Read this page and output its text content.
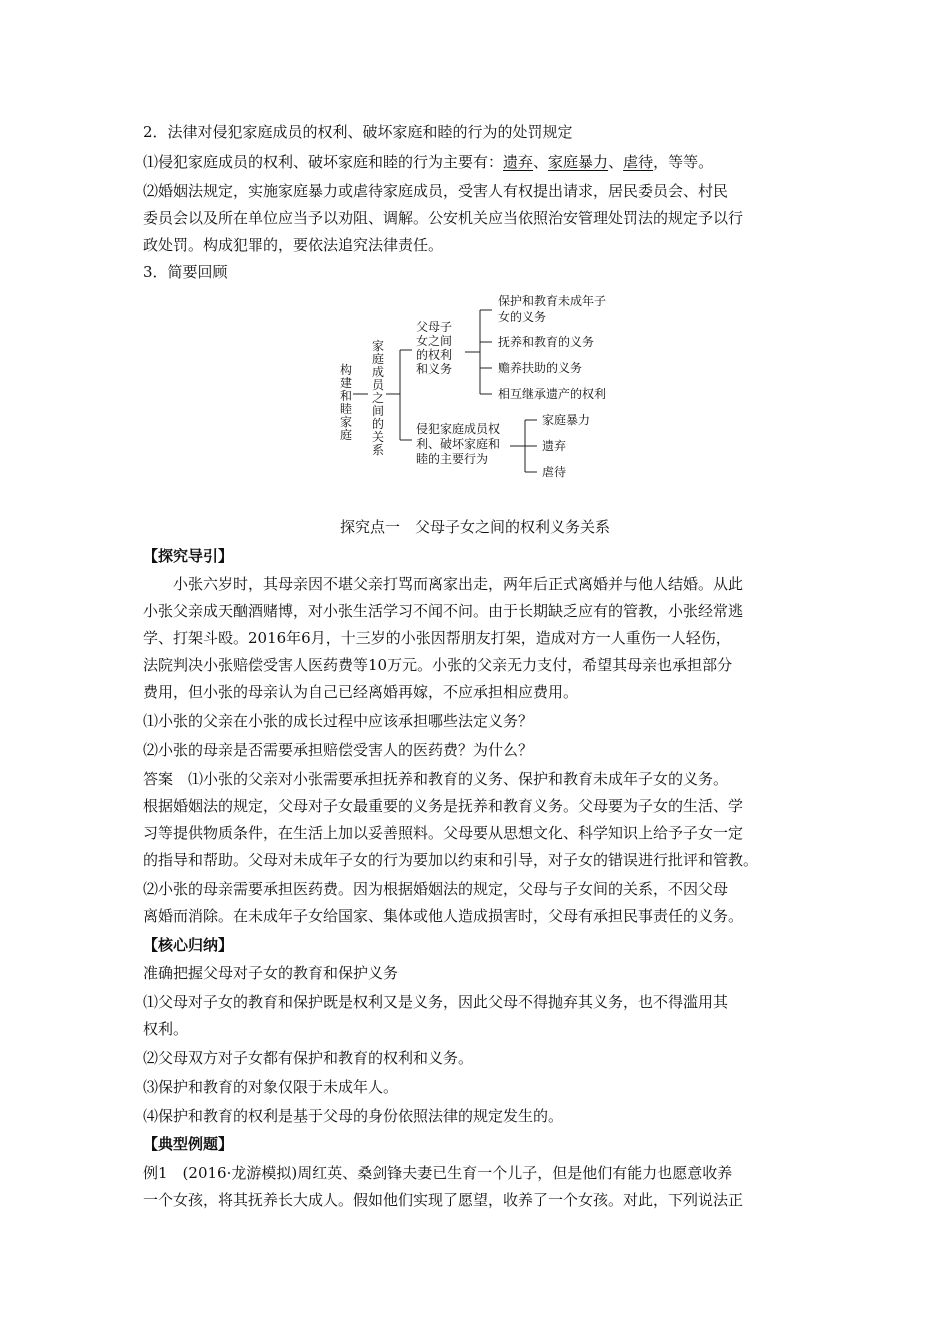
2．法律对侵犯家庭成员的权利、破坏家庭和睦的行为的处罚规定
⑴侵犯家庭成员的权利、破坏家庭和睦的行为主要有：遗弃、家庭暴力、虐待，等等。
⑵婚姻法规定，实施家庭暴力或虐待家庭成员，受害人有权提出请求，居民委员会、村民
委员会以及所在单位应当予以劝阻、调解。公安机关应当依照治安管理处罚法的规定予以行
政处罚。构成犯罪的，要依法追究法律责任。
3．简要回顾
构
建
和
睦
家
庭
家
庭
成
员
之
间
的
关
系
父母子
女之间
的权利
和义务
侵犯家庭成员权
利、破坏家庭和
睦的主要行为
保护和教育未成年子
女的义务
抚养和教育的义务
赡养扶助的义务
相互继承遗产的权利
家庭暴力
遗弃
虐待
探究点一　父母子女之间的权利义务关系
【探究导引】
小张六岁时，其母亲因不堪父亲打骂而离家出走，两年后正式离婚并与他人结婚。从此
小张父亲成天酗酒赌博，对小张生活学习不闻不问。由于长期缺乏应有的管教，小张经常逃
学、打架斗殴。2016年6月，十三岁的小张因帮朋友打架，造成对方一人重伤一人轻伤，
法院判决小张赔偿受害人医药费等10万元。小张的父亲无力支付，希望其母亲也承担部分
费用，但小张的母亲认为自己已经离婚再嫁，不应承担相应费用。
⑴小张的父亲在小张的成长过程中应该承担哪些法定义务？
⑵小张的母亲是否需要承担赔偿受害人的医药费？为什么？
答案　⑴小张的父亲对小张需要承担抚养和教育的义务、保护和教育未成年子女的义务。
根据婚姻法的规定，父母对子女最重要的义务是抚养和教育义务。父母要为子女的生活、学
习等提供物质条件，在生活上加以妥善照料。父母要从思想文化、科学知识上给予子女一定
的指导和帮助。父母对未成年子女的行为要加以约束和引导，对子女的错误进行批评和管教。
⑵小张的母亲需要承担医药费。因为根据婚姻法的规定，父母与子女间的关系，不因父母
离婚而消除。在未成年子女给国家、集体或他人造成损害时，父母有承担民事责任的义务。
【核心归纳】
准确把握父母对子女的教育和保护义务
⑴父母对子女的教育和保护既是权利又是义务，因此父母不得抛弃其义务，也不得滥用其
权利。
⑵父母双方对子女都有保护和教育的权利和义务。
⑶保护和教育的对象仅限于未成年人。
⑷保护和教育的权利是基于父母的身份依照法律的规定发生的。
【典型例题】
例1　(2016·龙游模拟)周红英、桑剑锋夫妻已生育一个儿子，但是他们有能力也愿意收养
一个女孩，将其抚养长大成人。假如他们实现了愿望，收养了一个女孩。对此，下列说法正
